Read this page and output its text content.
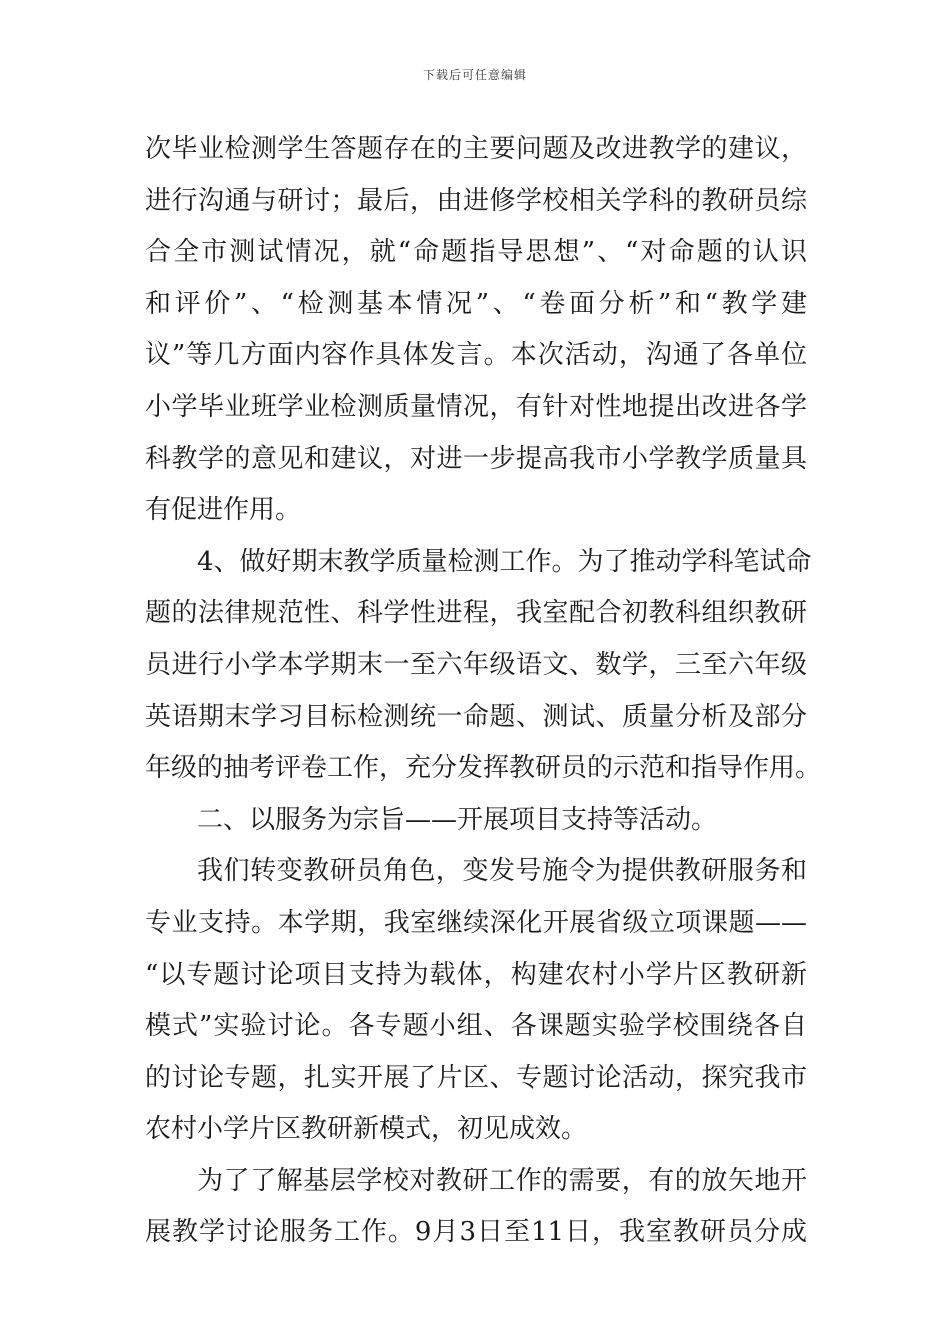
下载后可任意编辑
次毕业检测学生答题存在的主要问题及改进教学的建议，
进行沟通与研讨；最后，由进修学校相关学科的教研员综
合全市测试情况，就“命题指导思想”、“对命题的认识
和评价”、“检测基本情况”、“卷面分析”和“教学建
议”等几方面内容作具体发言。本次活动，沟通了各单位
小学毕业班学业检测质量情况，有针对性地提出改进各学
科教学的意见和建议，对进一步提高我市小学教学质量具
有促进作用。
4、做好期末教学质量检测工作。为了推动学科笔试命
题的法律规范性、科学性进程，我室配合初教科组织教研
员进行小学本学期末一至六年级语文、数学，三至六年级
英语期末学习目标检测统一命题、测试、质量分析及部分
年级的抽考评卷工作，充分发挥教研员的示范和指导作用。
二、以服务为宗旨——开展项目支持等活动。
我们转变教研员角色，变发号施令为提供教研服务和
专业支持。本学期，我室继续深化开展省级立项课题——
“以专题讨论项目支持为载体，构建农村小学片区教研新
模式”实验讨论。各专题小组、各课题实验学校围绕各自
的讨论专题，扎实开展了片区、专题讨论活动，探究我市
农村小学片区教研新模式，初见成效。
为了了解基层学校对教研工作的需要，有的放矢地开
展教学讨论服务工作。9月3日至11日，我室教研员分成
